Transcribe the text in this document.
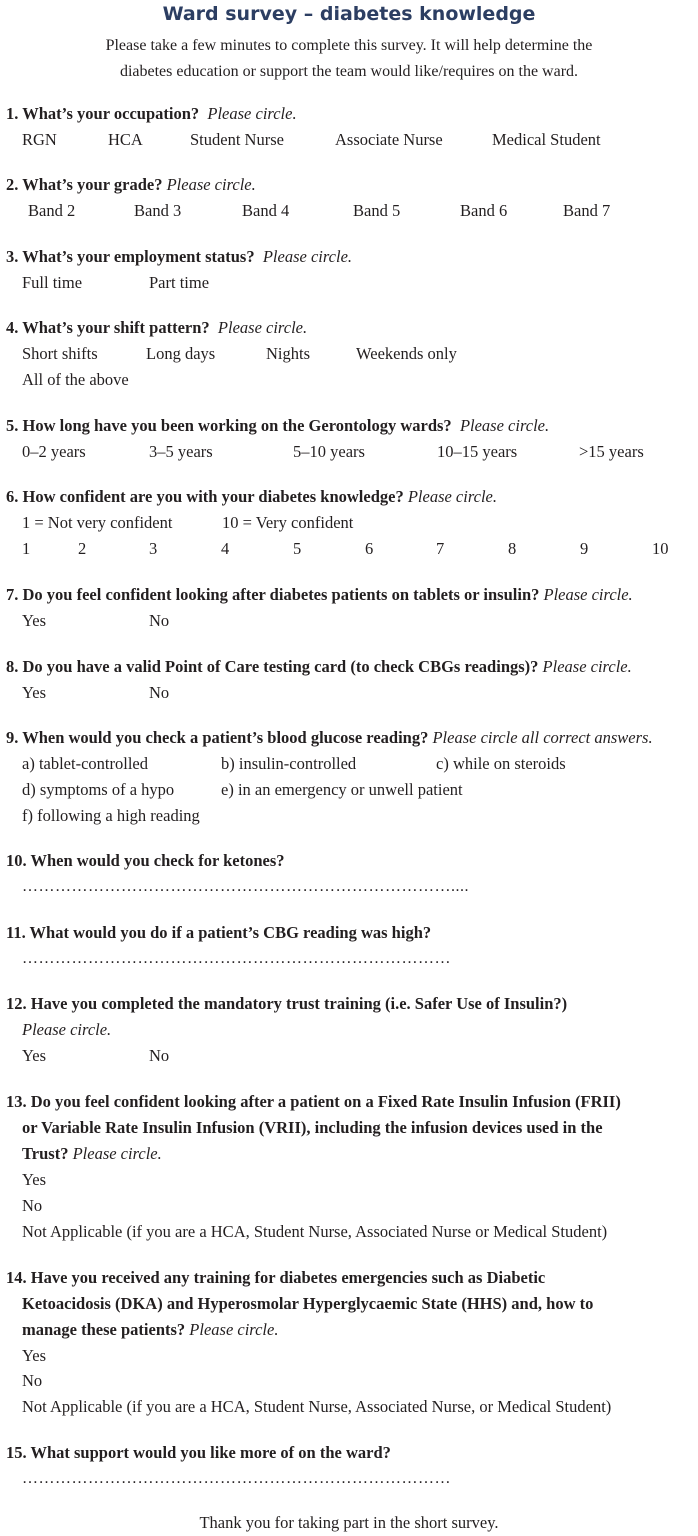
Ward survey – diabetes knowledge
Please take a few minutes to complete this survey. It will help determine the
diabetes education or support the team would like/requires on the ward.
1. What’s your occupation? Please circle.
RGN	HCA	Student Nurse	Associate Nurse	Medical Student
2. What’s your grade? Please circle.
Band 2	Band 3	Band 4	Band 5	Band 6	Band 7
3. What’s your employment status? Please circle.
Full time	Part time
4. What’s your shift pattern? Please circle.
Short shifts	Long days	Nights	Weekends only
All of the above
5. How long have you been working on the Gerontology wards? Please circle.
0–2 years	3–5 years	5–10 years	10–15 years	>15 years
6. How confident are you with your diabetes knowledge? Please circle.
1 = Not very confident	10 = Very confident
1	2	3	4	5	6	7	8	9	10
7. Do you feel confident looking after diabetes patients on tablets or insulin? Please circle.
Yes	No
8. Do you have a valid Point of Care testing card (to check CBGs readings)? Please circle.
Yes	No
9. When would you check a patient’s blood glucose reading? Please circle all correct answers.
a) tablet-controlled	b) insulin-controlled	c) while on steroids
d) symptoms of a hypo	e) in an emergency or unwell patient
f) following a high reading
10. When would you check for ketones?
……………………………………………………………………....
11. What would you do if a patient’s CBG reading was high?
……………………………………………………………………
12. Have you completed the mandatory trust training (i.e. Safer Use of Insulin?)
Please circle.
Yes	No
13. Do you feel confident looking after a patient on a Fixed Rate Insulin Infusion (FRII)
or Variable Rate Insulin Infusion (VRII), including the infusion devices used in the
Trust? Please circle.
Yes
No
Not Applicable (if you are a HCA, Student Nurse, Associated Nurse or Medical Student)
14. Have you received any training for diabetes emergencies such as Diabetic
Ketoacidosis (DKA) and Hyperosmolar Hyperglycaemic State (HHS) and, how to
manage these patients? Please circle.
Yes
No
Not Applicable (if you are a HCA, Student Nurse, Associated Nurse, or Medical Student)
15. What support would you like more of on the ward?
……………………………………………………………………
Thank you for taking part in the short survey.
